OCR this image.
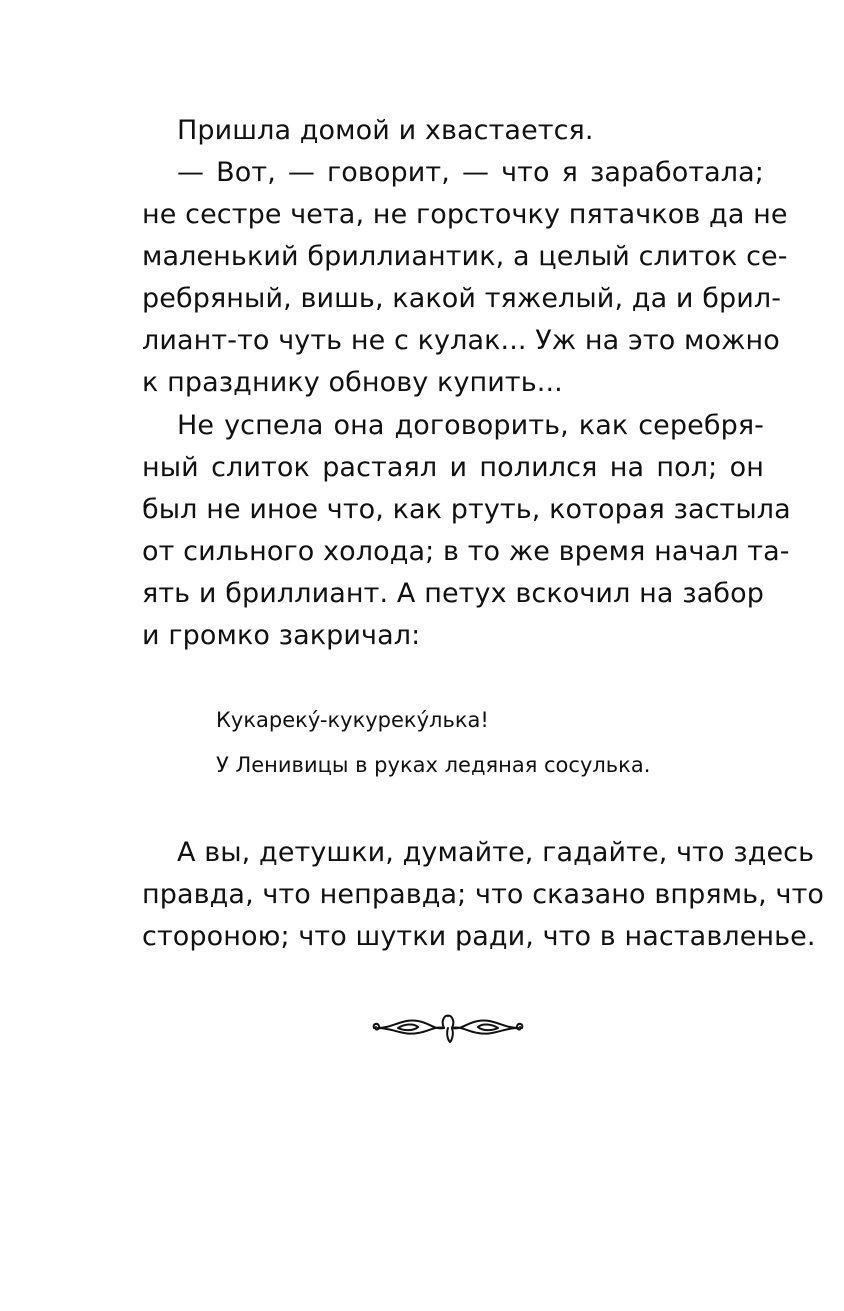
Пришла домой и хвастается.

— Вот, — говорит, — что я заработала;

не сестре чета, не горсточку пятачков да не

маленький бриллиантик, а целый слиток се-

ребряный, вишь, какой тяжелый, да и брил-

лиант-то чуть не с кулак... Уж на это можно

к празднику обнову купить...

Не успела она договорить, как серебря-

ный слиток растаял и полился на пол; он

был не иное что, как ртуть, которая застыла

от сильного холода; в то же время начал та-

ять и бриллиант. А петух вскочил на забор

и громко закричал:

Кукарекý-кукурекýлька!

У Ленивицы в руках ледяная сосулька.

А вы, детушки, думайте, гадайте, что здесь

правда, что неправда; что сказано впрямь, что

стороною; что шутки ради, что в наставленье.
